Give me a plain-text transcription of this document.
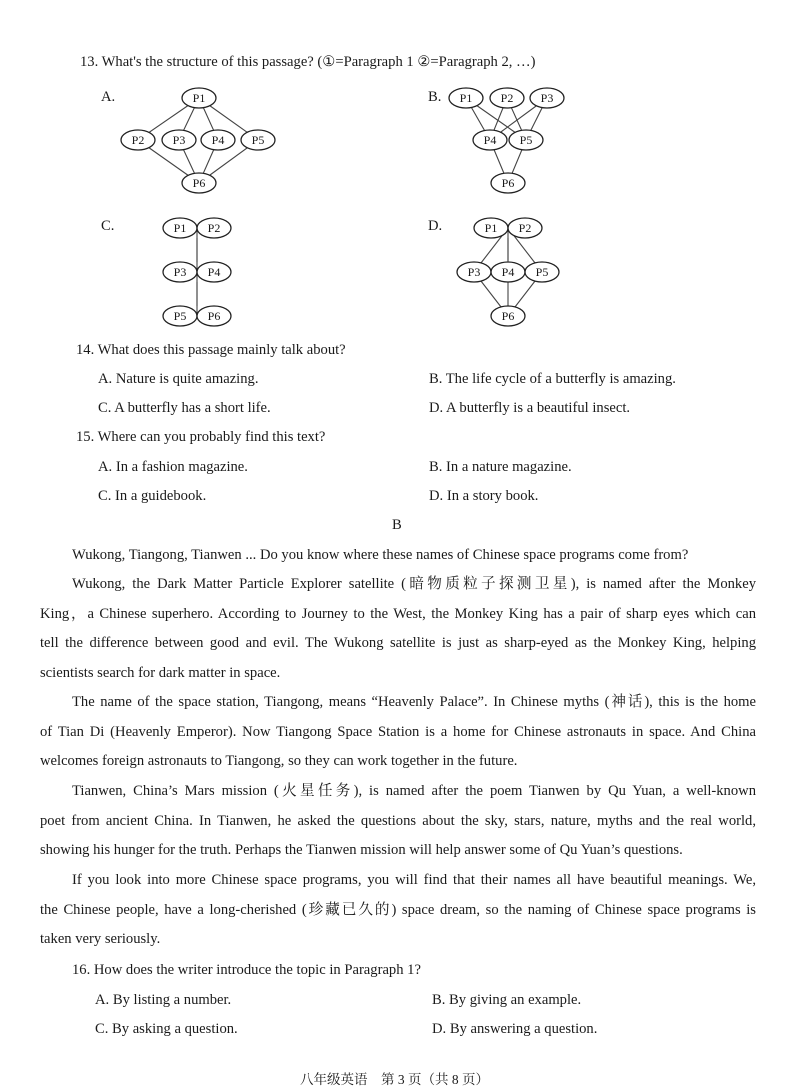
13. What's the structure of this passage? (①=Paragraph 1 ②=Paragraph 2, …)
A.	B.
C.	D.
P1
P2 P3 P4 P5
P6
P1 P2 P3
P4 P5
P6
P1 P2
P3 P4
P5 P6
P1 P2
P3 P4 P5
P6
14. What does this passage mainly talk about?
A. Nature is quite amazing.	B. The life cycle of a butterfly is amazing.
C. A butterfly has a short life.	D. A butterfly is a beautiful insect.
15. Where can you probably find this text?
A. In a fashion magazine.	B. In a nature magazine.
C. In a guidebook.	D. In a story book.
B
Wukong, Tiangong, Tianwen ... Do you know where these names of Chinese space programs come from?
Wukong, the Dark Matter Particle Explorer satellite (暗物质粒子探测卫星), is named after the Monkey
King，a Chinese superhero. According to Journey to the West, the Monkey King has a pair of sharp eyes which can
tell the difference between good and evil. The Wukong satellite is just as sharp-eyed as the Monkey King, helping
scientists search for dark matter in space.
The name of the space station, Tiangong, means “Heavenly Palace”. In Chinese myths (神话), this is the home
of Tian Di (Heavenly Emperor). Now Tiangong Space Station is a home for Chinese astronauts in space. And China
welcomes foreign astronauts to Tiangong, so they can work together in the future.
Tianwen, China’s Mars mission (火星任务), is named after the poem Tianwen by Qu Yuan, a well-known
poet from ancient China. In Tianwen, he asked the questions about the sky, stars, nature, myths and the real world,
showing his hunger for the truth. Perhaps the Tianwen mission will help answer some of Qu Yuan’s questions.
If you look into more Chinese space programs, you will find that their names all have beautiful meanings. We,
the Chinese people, have a long-cherished (珍藏已久的) space dream, so the naming of Chinese space programs is
taken very seriously.
16. How does the writer introduce the topic in Paragraph 1?
A. By listing a number.	B. By giving an example.
C. By asking a question.	D. By answering a question.
八年级英语　第 3 页（共 8 页）
